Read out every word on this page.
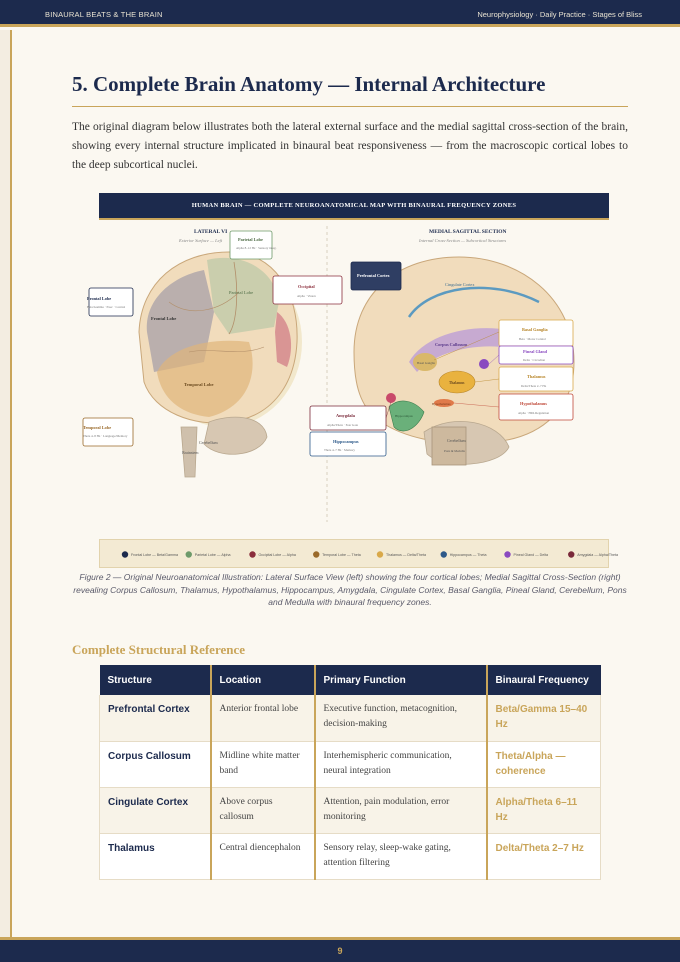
BINAURAL BEATS & THE BRAIN	Neurophysiology · Daily Practice · Stages of Bliss
5. Complete Brain Anatomy — Internal Architecture

The original diagram below illustrates both the lateral external surface and the medial sagittal cross-section of the brain, showing every internal structure implicated in binaural beat responsiveness — from the macroscopic cortical lobes to the deep subcortical nuclei.

HUMAN BRAIN — COMPLETE NEUROANATOMICAL MAP WITH BINAURAL FREQUENCY ZONES
LATERAL VI
Exterior Surface — Left
MEDIAL SAGITTAL SECTION
Internal Cross-Section — Subcortical Structures
Frontal Lobe
Parietal Lobe
Temporal Lobe
Cerebellum
Brainstem
Parietal Lobe
Alpha 8–12 Hz · Sensory integ.
Frontal Lobe
Beta/Gamma · Exec · Control
Temporal Lobe
Theta 4–8 Hz · Language/Memory
Occipital
Alpha · Vision
Cingulate Cortex
Corpus Callosum
Thalamus
Hypothalamus
Hippocampus
Cerebellum
Pons & Medulla
Basal Ganglia
Prefrontal Cortex
Basal Ganglia
Beta · Motor Control
Pineal Gland
Delta · Circadian
Thalamus
Delta/Theta 2–7 Hz
Hypothalamus
Alpha · HPA Regulation
Amygdala
Alpha/Theta · Fear Gate
Hippocampus
Theta 4–7 Hz · Memory
Frontal Lobe — Beta/Gamma	Parietal Lobe — Alpha	Occipital Lobe — Alpha	Temporal Lobe — Theta	Thalamus — Delta/Theta	Hippocampus — Theta	Pineal Gland — Delta	Amygdala — Alpha/Theta

Figure 2 — Original Neuroanatomical Illustration: Lateral Surface View (left) showing the four cortical lobes; Medial Sagittal Cross-Section (right) revealing Corpus Callosum, Thalamus, Hypothalamus, Hippocampus, Amygdala, Cingulate Cortex, Basal Ganglia, Pineal Gland, Cerebellum, Pons and Medulla with binaural frequency zones.

Complete Structural Reference
Structure	Location	Primary Function	Binaural Frequency
Prefrontal Cortex	Anterior frontal lobe	Executive function, metacognition, decision-making	Beta/Gamma 15–40 Hz
Corpus Callosum	Midline white matter band	Interhemispheric communication, neural integration	Theta/Alpha — coherence
Cingulate Cortex	Above corpus callosum	Attention, pain modulation, error monitoring	Alpha/Theta 6–11 Hz
Thalamus	Central diencephalon	Sensory relay, sleep-wake gating, attention filtering	Delta/Theta 2–7 Hz
9
